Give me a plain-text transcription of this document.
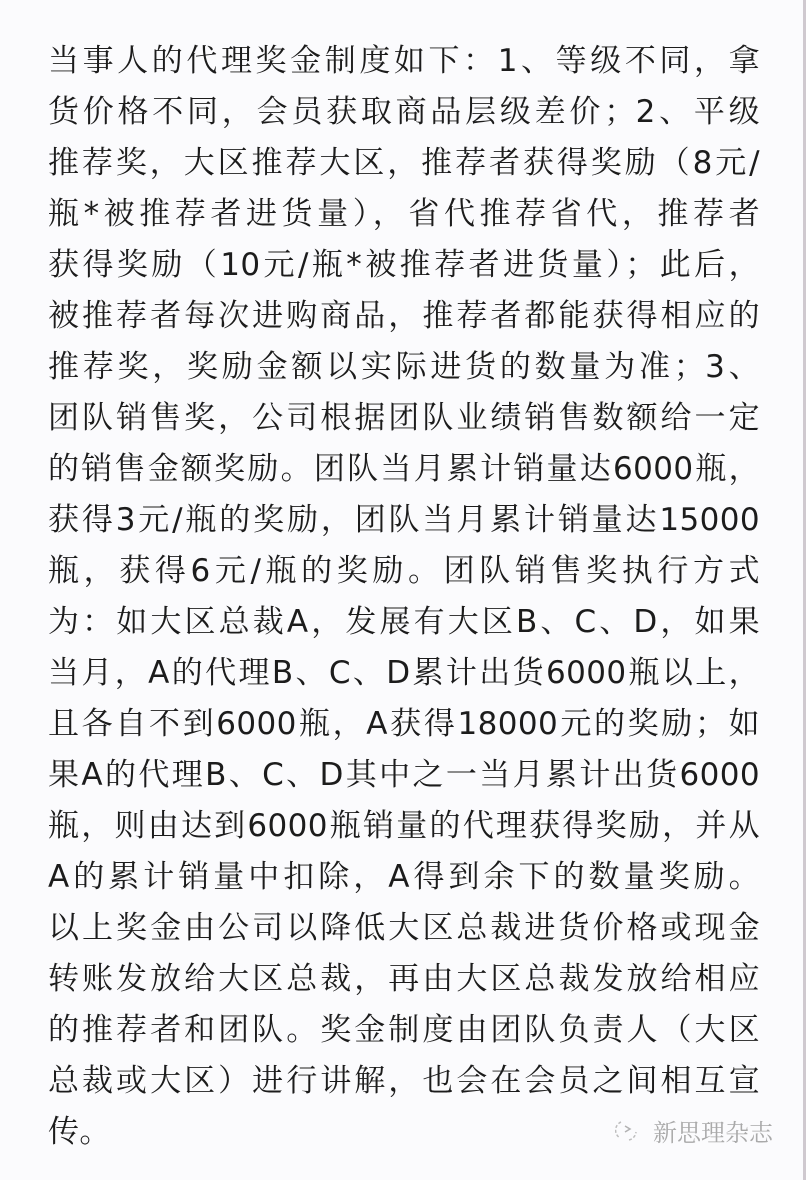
当事人的代理奖金制度如下：1、等级不同，拿
货价格不同，会员获取商品层级差价；2、平级
推荐奖，大区推荐大区，推荐者获得奖励（8元/
瓶*被推荐者进货量），省代推荐省代，推荐者
获得奖励（10元/瓶*被推荐者进货量）；此后，
被推荐者每次进购商品，推荐者都能获得相应的
推荐奖，奖励金额以实际进货的数量为准；3、
团队销售奖，公司根据团队业绩销售数额给一定
的销售金额奖励。团队当月累计销量达6000瓶，
获得3元/瓶的奖励，团队当月累计销量达15000
瓶，获得6元/瓶的奖励。团队销售奖执行方式
为：如大区总裁A，发展有大区B、C、D，如果
当月，A的代理B、C、D累计出货6000瓶以上，
且各自不到6000瓶，A获得18000元的奖励；如
果A的代理B、C、D其中之一当月累计出货6000
瓶，则由达到6000瓶销量的代理获得奖励，并从
A的累计销量中扣除，A得到余下的数量奖励。
以上奖金由公司以降低大区总裁进货价格或现金
转账发放给大区总裁，再由大区总裁发放给相应
的推荐者和团队。奖金制度由团队负责人（大区
总裁或大区）进行讲解，也会在会员之间相互宣
传。	新思理杂志
